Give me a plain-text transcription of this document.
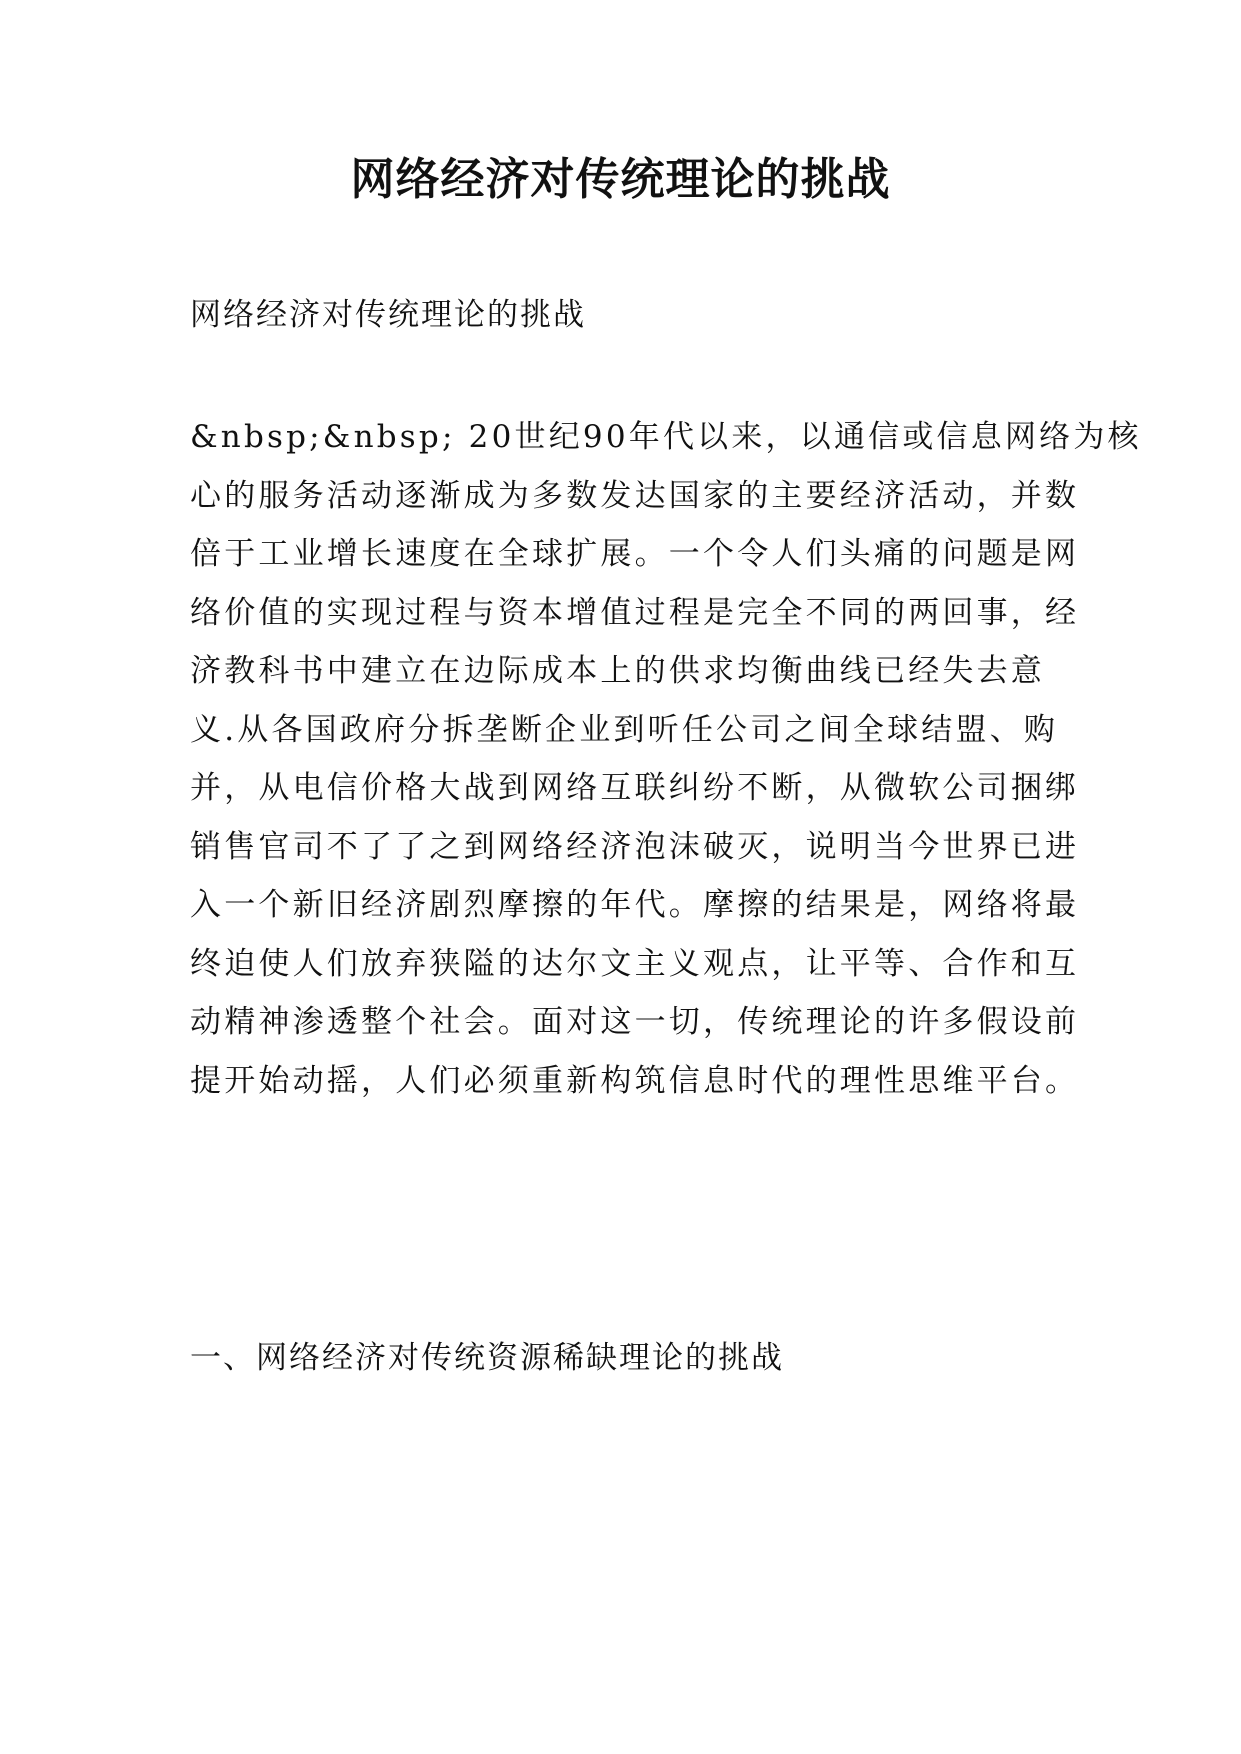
网络经济对传统理论的挑战

网络经济对传统理论的挑战

&nbsp;&nbsp; 20世纪90年代以来，以通信或信息网络为核
心的服务活动逐渐成为多数发达国家的主要经济活动，并数
倍于工业增长速度在全球扩展。一个令人们头痛的问题是网
络价值的实现过程与资本增值过程是完全不同的两回事，经
济教科书中建立在边际成本上的供求均衡曲线已经失去意
义.从各国政府分拆垄断企业到听任公司之间全球结盟、购
并，从电信价格大战到网络互联纠纷不断，从微软公司捆绑
销售官司不了了之到网络经济泡沫破灭，说明当今世界已进
入一个新旧经济剧烈摩擦的年代。摩擦的结果是，网络将最
终迫使人们放弃狭隘的达尔文主义观点，让平等、合作和互
动精神渗透整个社会。面对这一切，传统理论的许多假设前
提开始动摇，人们必须重新构筑信息时代的理性思维平台。

一、网络经济对传统资源稀缺理论的挑战
